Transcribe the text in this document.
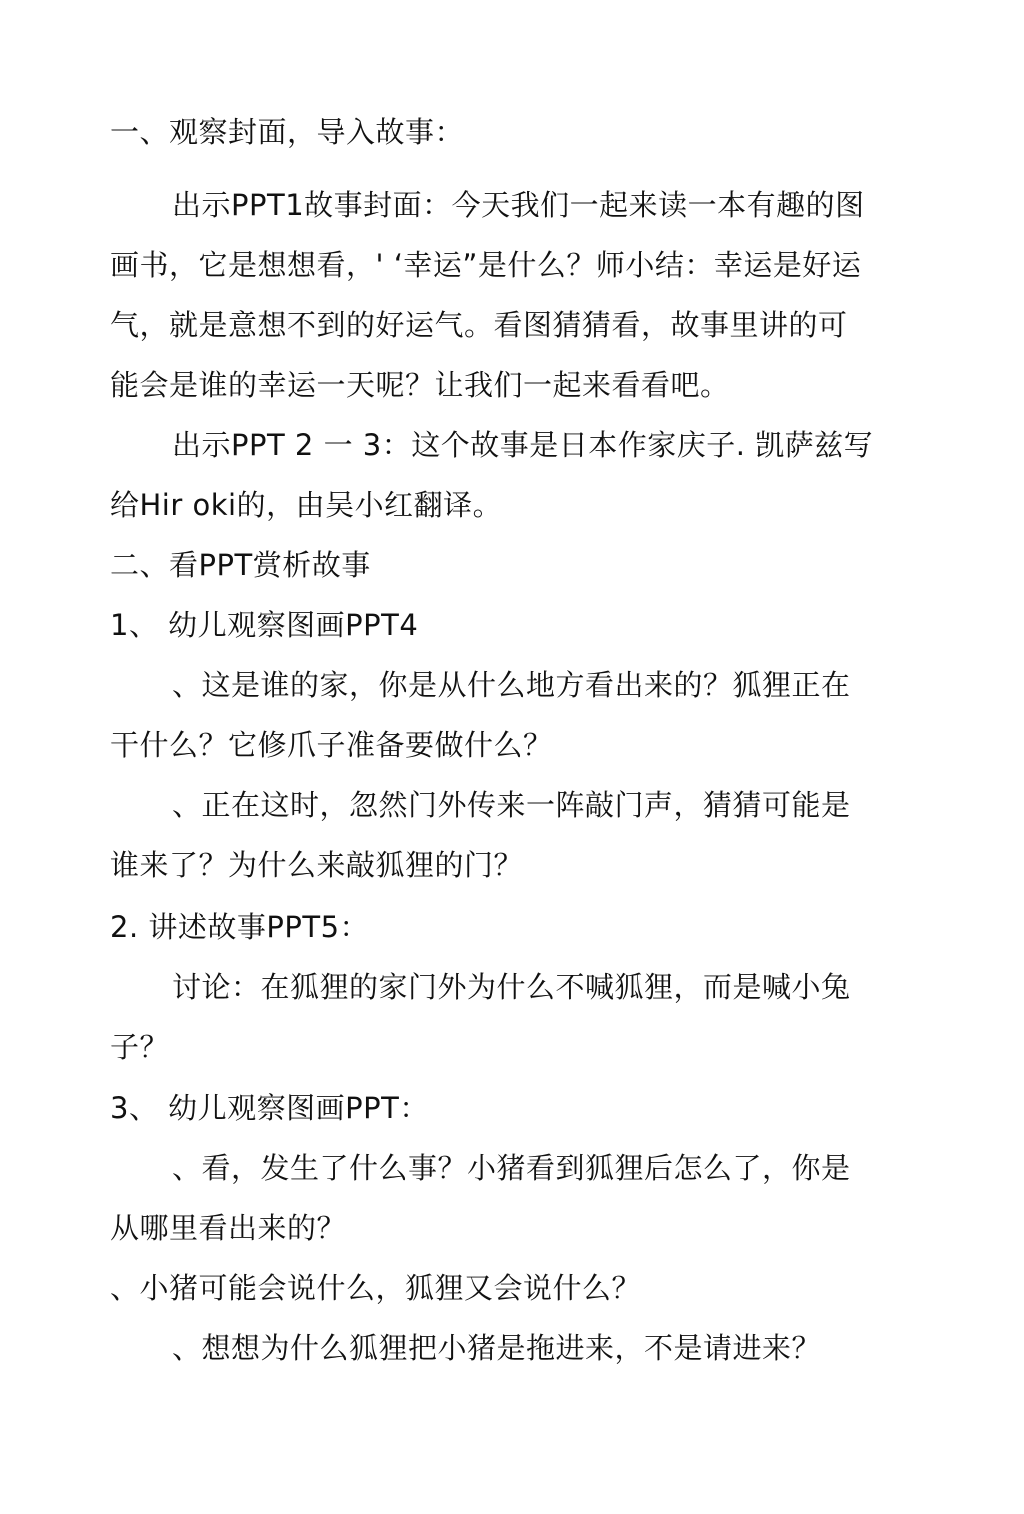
一、观察封面，导入故事：
出示PPT1故事封面：今天我们一起来读一本有趣的图
画书，它是想想看，' ‘幸运”是什么？师小结：幸运是好运
气，就是意想不到的好运气。看图猜猜看，故事里讲的可
能会是谁的幸运一天呢？让我们一起来看看吧。
出示PPT 2 一 3：这个故事是日本作家庆子. 凯萨兹写
给Hir oki的，由吴小红翻译。
二、看PPT赏析故事
1、 幼儿观察图画PPT4
、这是谁的家，你是从什么地方看出来的？狐狸正在
干什么？它修爪子准备要做什么？
、正在这时，忽然门外传来一阵敲门声，猜猜可能是
谁来了？为什么来敲狐狸的门？
2. 讲述故事PPT5：
讨论：在狐狸的家门外为什么不喊狐狸，而是喊小兔
子？
3、 幼儿观察图画PPT：
、看，发生了什么事？小猪看到狐狸后怎么了，你是
从哪里看出来的？
、小猪可能会说什么，狐狸又会说什么？
、想想为什么狐狸把小猪是拖进来，不是请进来？
